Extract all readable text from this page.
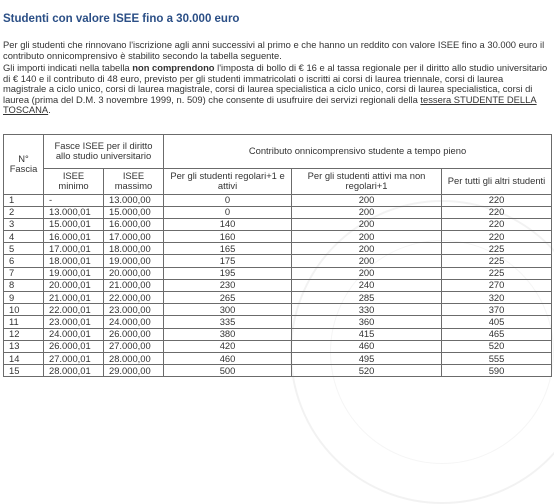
Studenti con valore ISEE fino a 30.000 euro

Per gli studenti che rinnovano l'iscrizione agli anni successivi al primo e che hanno un reddito con valore ISEE fino a 30.000 euro il contributo onnicomprensivo è stabilito secondo la tabella seguente.

Gli importi indicati nella tabella non comprendono l'imposta di bollo di € 16 e al tassa regionale per il diritto allo studio universitario di € 140 e il contributo di 48 euro, previsto per gli studenti immatricolati o iscritti ai corsi di laurea triennale, corsi di laurea magistrale a ciclo unico, corsi di laurea magistrale, corsi di laurea specialistica a ciclo unico, corsi di laurea specialistica, corsi di laurea (prima del D.M. 3 novembre 1999, n. 509) che consente di usufruire dei servizi regionali della tessera STUDENTE DELLA TOSCANA.

N° Fascia	Fasce ISEE per il diritto allo studio universitario		Contributo onnicomprensivo studente a tempo pieno		
	ISEE minimo	ISEE massimo	Per gli studenti regolari+1 e attivi	Per gli studenti attivi ma non regolari+1	Per tutti gli altri studenti
1	-	13.000,00	0	200	220
2	13.000,01	15.000,00	0	200	220
3	15.000,01	16.000,00	140	200	220
4	16.000,01	17.000,00	160	200	220
5	17.000,01	18.000,00	165	200	225
6	18.000,01	19.000,00	175	200	225
7	19.000,01	20.000,00	195	200	225
8	20.000,01	21.000,00	230	240	270
9	21.000,01	22.000,00	265	285	320
10	22.000,01	23.000,00	300	330	370
11	23.000,01	24.000,00	335	360	405
12	24.000,01	26.000,00	380	415	465
13	26.000,01	27.000,00	420	460	520
14	27.000,01	28.000,00	460	495	555
15	28.000,01	29.000,00	500	520	590
